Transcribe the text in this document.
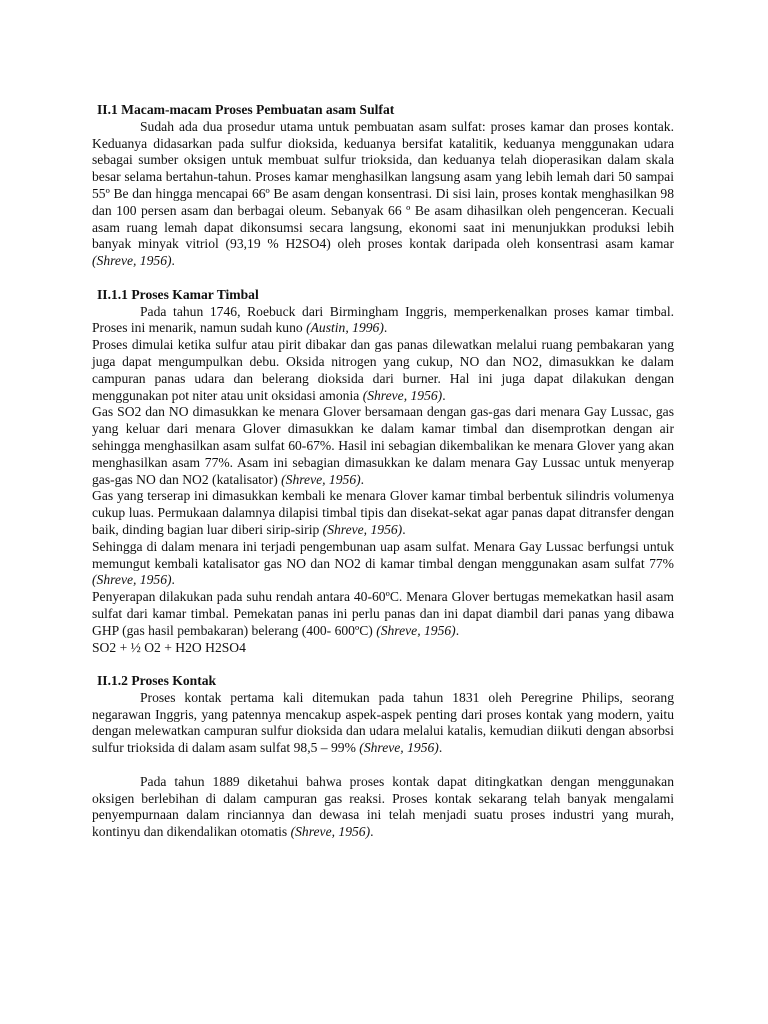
II.1 Macam-macam Proses Pembuatan asam Sulfat

Sudah ada dua prosedur utama untuk pembuatan asam sulfat: proses kamar dan proses kontak. Keduanya didasarkan pada sulfur dioksida, keduanya bersifat katalitik, keduanya menggunakan udara sebagai sumber oksigen untuk membuat sulfur trioksida, dan keduanya telah dioperasikan dalam skala besar selama bertahun-tahun. Proses kamar menghasilkan langsung asam yang lebih lemah dari 50 sampai 55º Be dan hingga mencapai 66º Be asam dengan konsentrasi. Di sisi lain, proses kontak menghasilkan 98 dan 100 persen asam dan berbagai oleum. Sebanyak 66 º Be asam dihasilkan oleh pengenceran. Kecuali asam ruang lemah dapat dikonsumsi secara langsung, ekonomi saat ini menunjukkan produksi lebih banyak minyak vitriol (93,19 % H2SO4) oleh proses kontak daripada oleh konsentrasi asam kamar (Shreve, 1956).

II.1.1 Proses Kamar Timbal

Pada tahun 1746, Roebuck dari Birmingham Inggris, memperkenalkan proses kamar timbal. Proses ini menarik, namun sudah kuno (Austin, 1996).

Proses dimulai ketika sulfur atau pirit dibakar dan gas panas dilewatkan melalui ruang pembakaran yang juga dapat mengumpulkan debu. Oksida nitrogen yang cukup, NO dan NO2, dimasukkan ke dalam campuran panas udara dan belerang dioksida dari burner. Hal ini juga dapat dilakukan dengan menggunakan pot niter atau unit oksidasi amonia (Shreve, 1956).

Gas SO2 dan NO dimasukkan ke menara Glover bersamaan dengan gas-gas dari menara Gay Lussac, gas yang keluar dari menara Glover dimasukkan ke dalam kamar timbal dan disemprotkan dengan air sehingga menghasilkan asam sulfat 60-67%. Hasil ini sebagian dikembalikan ke menara Glover yang akan menghasilkan asam 77%. Asam ini sebagian dimasukkan ke dalam menara Gay Lussac untuk menyerap gas-gas NO dan NO2 (katalisator) (Shreve, 1956).

Gas yang terserap ini dimasukkan kembali ke menara Glover kamar timbal berbentuk silindris volumenya cukup luas. Permukaan dalamnya dilapisi timbal tipis dan disekat-sekat agar panas dapat ditransfer dengan baik, dinding bagian luar diberi sirip-sirip (Shreve, 1956).

Sehingga di dalam menara ini terjadi pengembunan uap asam sulfat. Menara Gay Lussac berfungsi untuk memungut kembali katalisator gas NO dan NO2 di kamar timbal dengan menggunakan asam sulfat 77% (Shreve, 1956).

Penyerapan dilakukan pada suhu rendah antara 40-60ºC. Menara Glover bertugas memekatkan hasil asam sulfat dari kamar timbal. Pemekatan panas ini perlu panas dan ini dapat diambil dari panas yang dibawa GHP (gas hasil pembakaran) belerang (400- 600ºC) (Shreve, 1956).

SO2 + ½ O2 + H2O H2SO4

II.1.2 Proses Kontak

Proses kontak pertama kali ditemukan pada tahun 1831 oleh Peregrine Philips, seorang negarawan Inggris, yang patennya mencakup aspek-aspek penting dari proses kontak yang modern, yaitu dengan melewatkan campuran sulfur dioksida dan udara melalui katalis, kemudian diikuti dengan absorbsi sulfur trioksida di dalam asam sulfat 98,5 – 99% (Shreve, 1956).

Pada tahun 1889 diketahui bahwa proses kontak dapat ditingkatkan dengan menggunakan oksigen berlebihan di dalam campuran gas reaksi. Proses kontak sekarang telah banyak mengalami penyempurnaan dalam rinciannya dan dewasa ini telah menjadi suatu proses industri yang murah, kontinyu dan dikendalikan otomatis (Shreve, 1956).
